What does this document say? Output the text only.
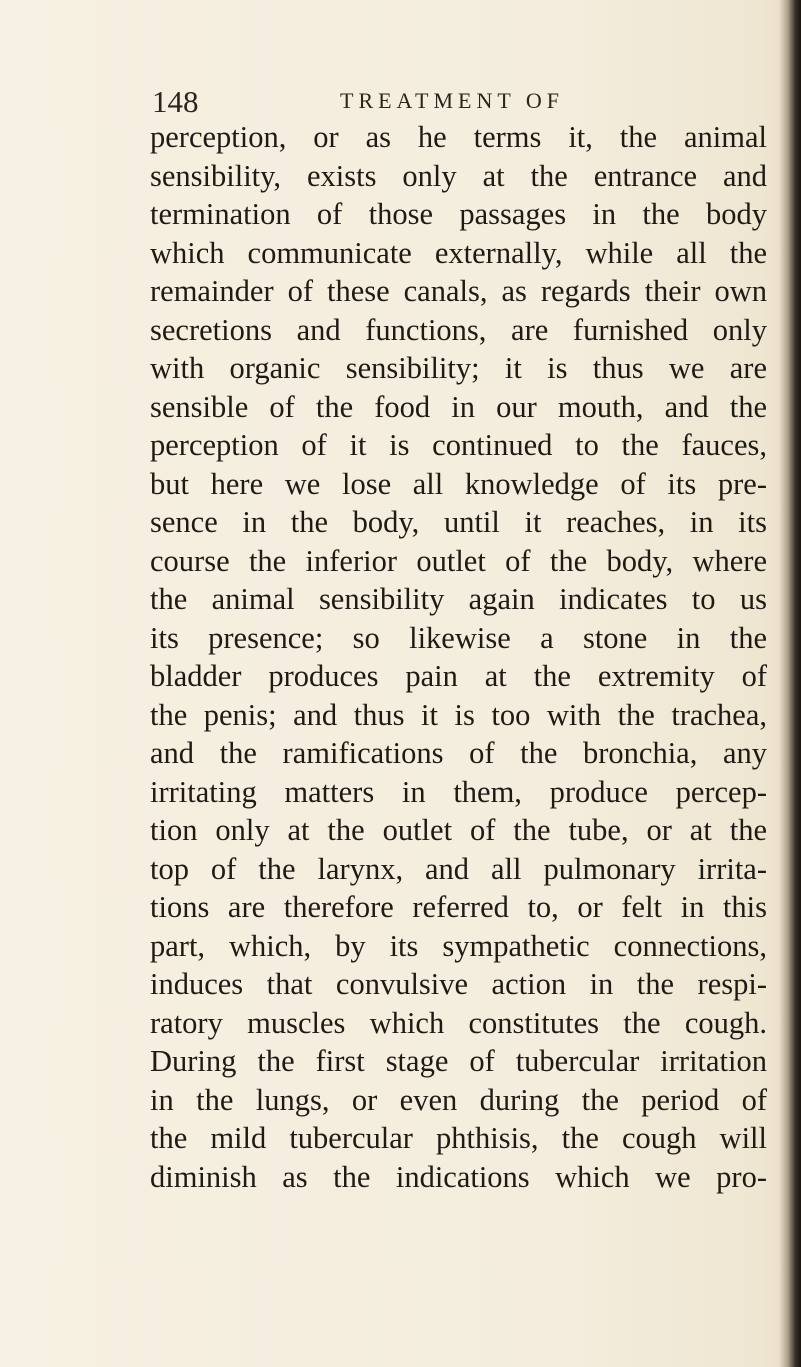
148	TREATMENT OF
perception, or as he terms it, the animal
sensibility, exists only at the entrance and
termination of those passages in the body
which communicate externally, while all the
remainder of these canals, as regards their own
secretions and functions, are furnished only
with organic sensibility; it is thus we are
sensible of the food in our mouth, and the
perception of it is continued to the fauces,
but here we lose all knowledge of its pre-
sence in the body, until it reaches, in its
course the inferior outlet of the body, where
the animal sensibility again indicates to us
its presence; so likewise a stone in the
bladder produces pain at the extremity of
the penis; and thus it is too with the trachea,
and the ramifications of the bronchia, any
irritating matters in them, produce percep-
tion only at the outlet of the tube, or at the
top of the larynx, and all pulmonary irrita-
tions are therefore referred to, or felt in this
part, which, by its sympathetic connections,
induces that convulsive action in the respi-
ratory muscles which constitutes the cough.
During the first stage of tubercular irritation
in the lungs, or even during the period of
the mild tubercular phthisis, the cough will
diminish as the indications which we pro-
